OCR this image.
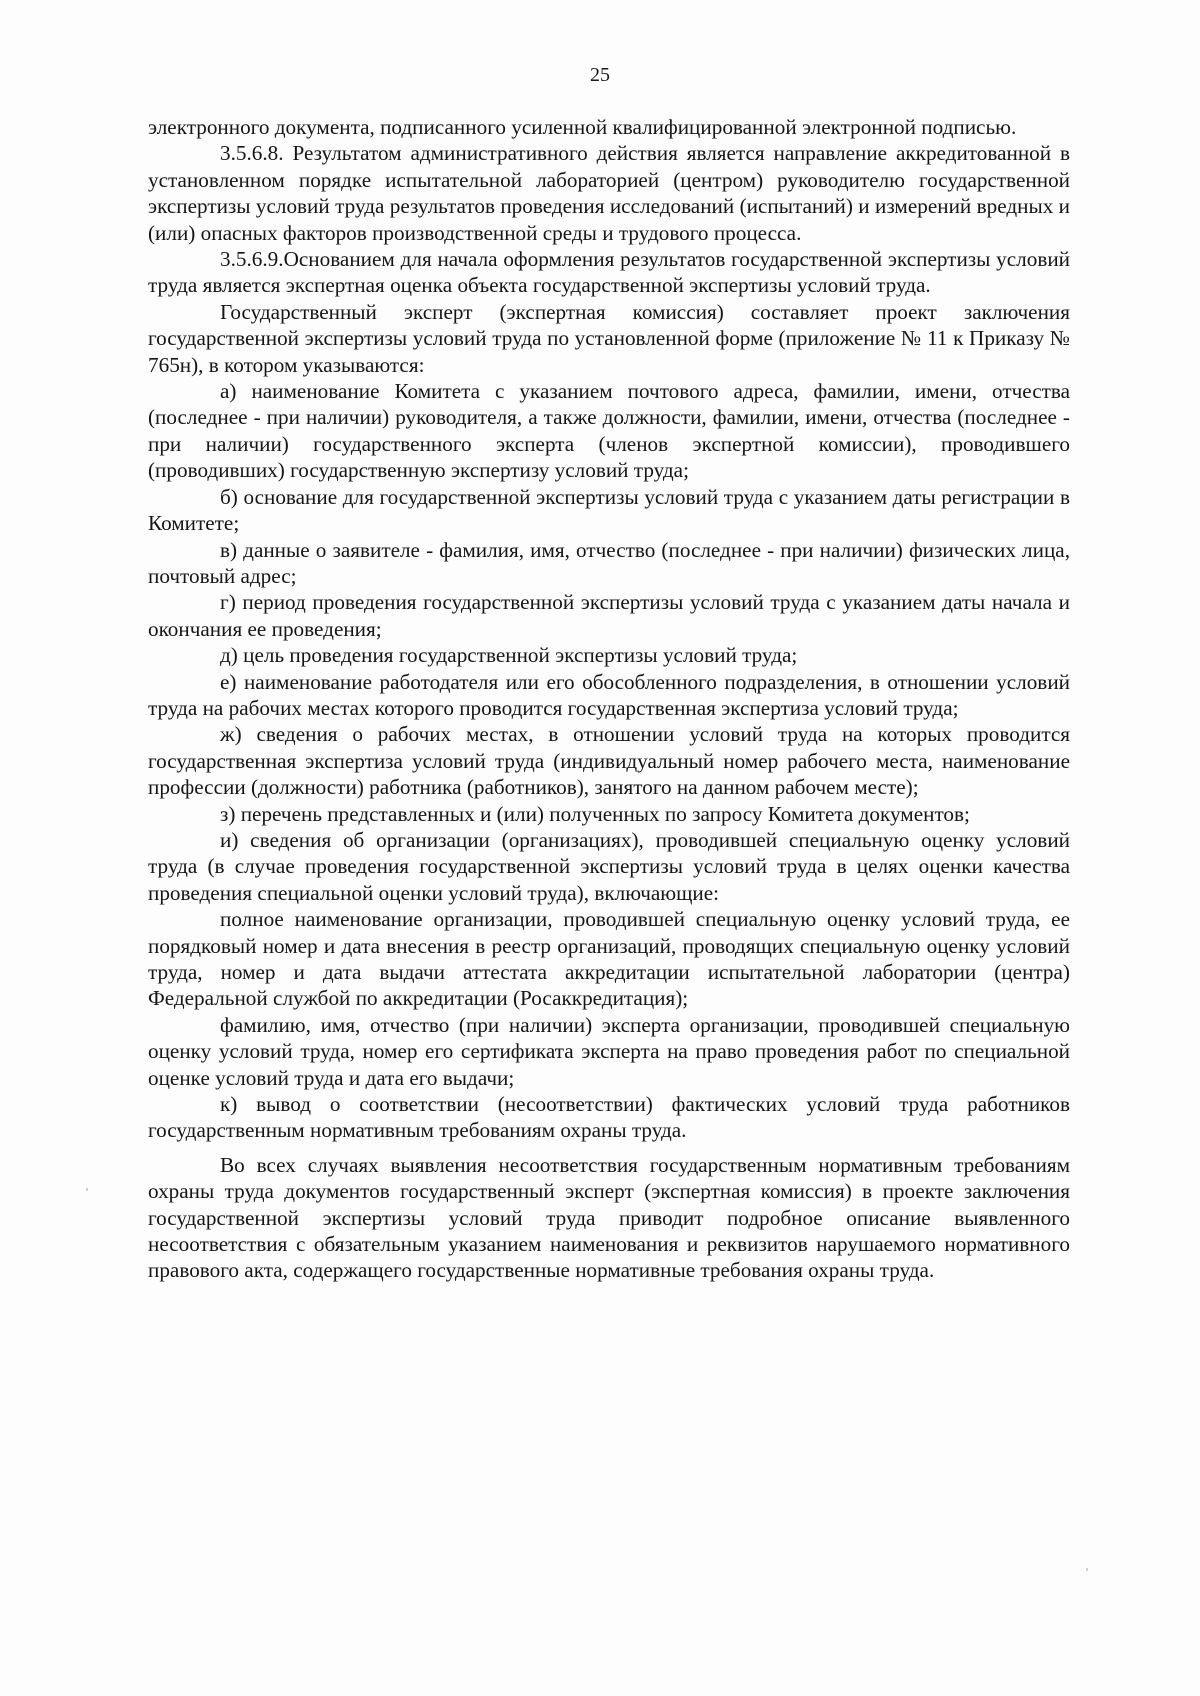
25

электронного документа, подписанного усиленной квалифицированной электронной подписью.

3.5.6.8. Результатом административного действия является направление аккредитованной в установленном порядке испытательной лабораторией (центром) руководителю государственной экспертизы условий труда результатов проведения исследований (испытаний) и измерений вредных и (или) опасных факторов производственной среды и трудового процесса.

3.5.6.9.Основанием для начала оформления результатов государственной экспертизы условий труда является экспертная оценка объекта государственной экспертизы условий труда.

Государственный эксперт (экспертная комиссия) составляет проект заключения государственной экспертизы условий труда по установленной форме (приложение № 11 к Приказу № 765н), в котором указываются:

а) наименование Комитета с указанием почтового адреса, фамилии, имени, отчества (последнее - при наличии) руководителя, а также должности, фамилии, имени, отчества (последнее - при наличии) государственного эксперта (членов экспертной комиссии), проводившего (проводивших) государственную экспертизу условий труда;

б) основание для государственной экспертизы условий труда с указанием даты регистрации в Комитете;

в) данные о заявителе - фамилия, имя, отчество (последнее - при наличии) физических лица, почтовый адрес;

г) период проведения государственной экспертизы условий труда с указанием даты начала и окончания ее проведения;

д) цель проведения государственной экспертизы условий труда;

е) наименование работодателя или его обособленного подразделения, в отношении условий труда на рабочих местах которого проводится государственная экспертиза условий труда;

ж) сведения о рабочих местах, в отношении условий труда на которых проводится государственная экспертиза условий труда (индивидуальный номер рабочего места, наименование профессии (должности) работника (работников), занятого на данном рабочем месте);

з) перечень представленных и (или) полученных по запросу Комитета документов;

и) сведения об организации (организациях), проводившей специальную оценку условий труда (в случае проведения государственной экспертизы условий труда в целях оценки качества проведения специальной оценки условий труда), включающие:

полное наименование организации, проводившей специальную оценку условий труда, ее порядковый номер и дата внесения в реестр организаций, проводящих специальную оценку условий труда, номер и дата выдачи аттестата аккредитации испытательной лаборатории (центра) Федеральной службой по аккредитации (Росаккредитация);

фамилию, имя, отчество (при наличии) эксперта организации, проводившей специальную оценку условий труда, номер его сертификата эксперта на право проведения работ по специальной оценке условий труда и дата его выдачи;

к) вывод о соответствии (несоответствии) фактических условий труда работников государственным нормативным требованиям охраны труда.

Во всех случаях выявления несоответствия государственным нормативным требованиям охраны труда документов государственный эксперт (экспертная комиссия) в проекте заключения государственной экспертизы условий труда приводит подробное описание выявленного несоответствия с обязательным указанием наименования и реквизитов нарушаемого нормативного правового акта, содержащего государственные нормативные требования охраны труда.
